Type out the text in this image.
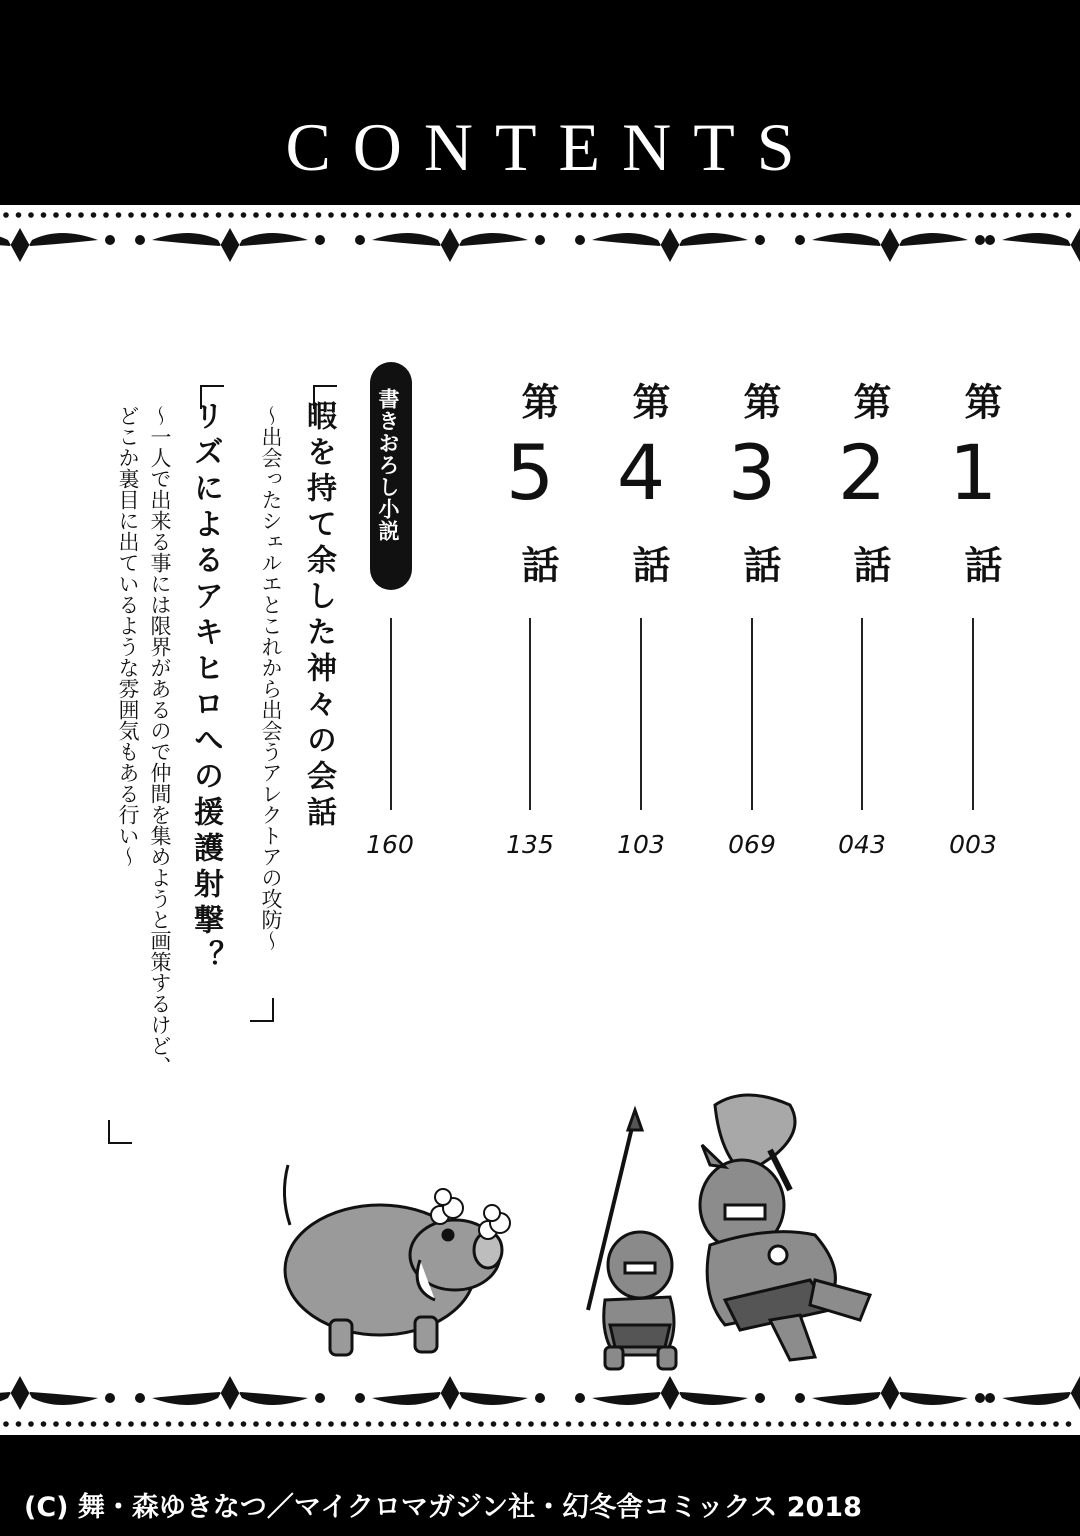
CONTENTS
第
1
話
003
第
2
話
043
第
3
話
069
第
4
話
103
第
5
話
135
書きおろし小説
160
暇を持て余した神々の会話
～出会ったシェルエとこれから出会うアレクトアの攻防～
リズによるアキヒロへの援護射撃？
～一人で出来る事には限界があるので仲間を集めようと画策するけど、
どこか裏目に出ているような雰囲気もある行い～
(C) 舞・森ゆきなつ／マイクロマガジン社・幻冬舎コミックス 2018
